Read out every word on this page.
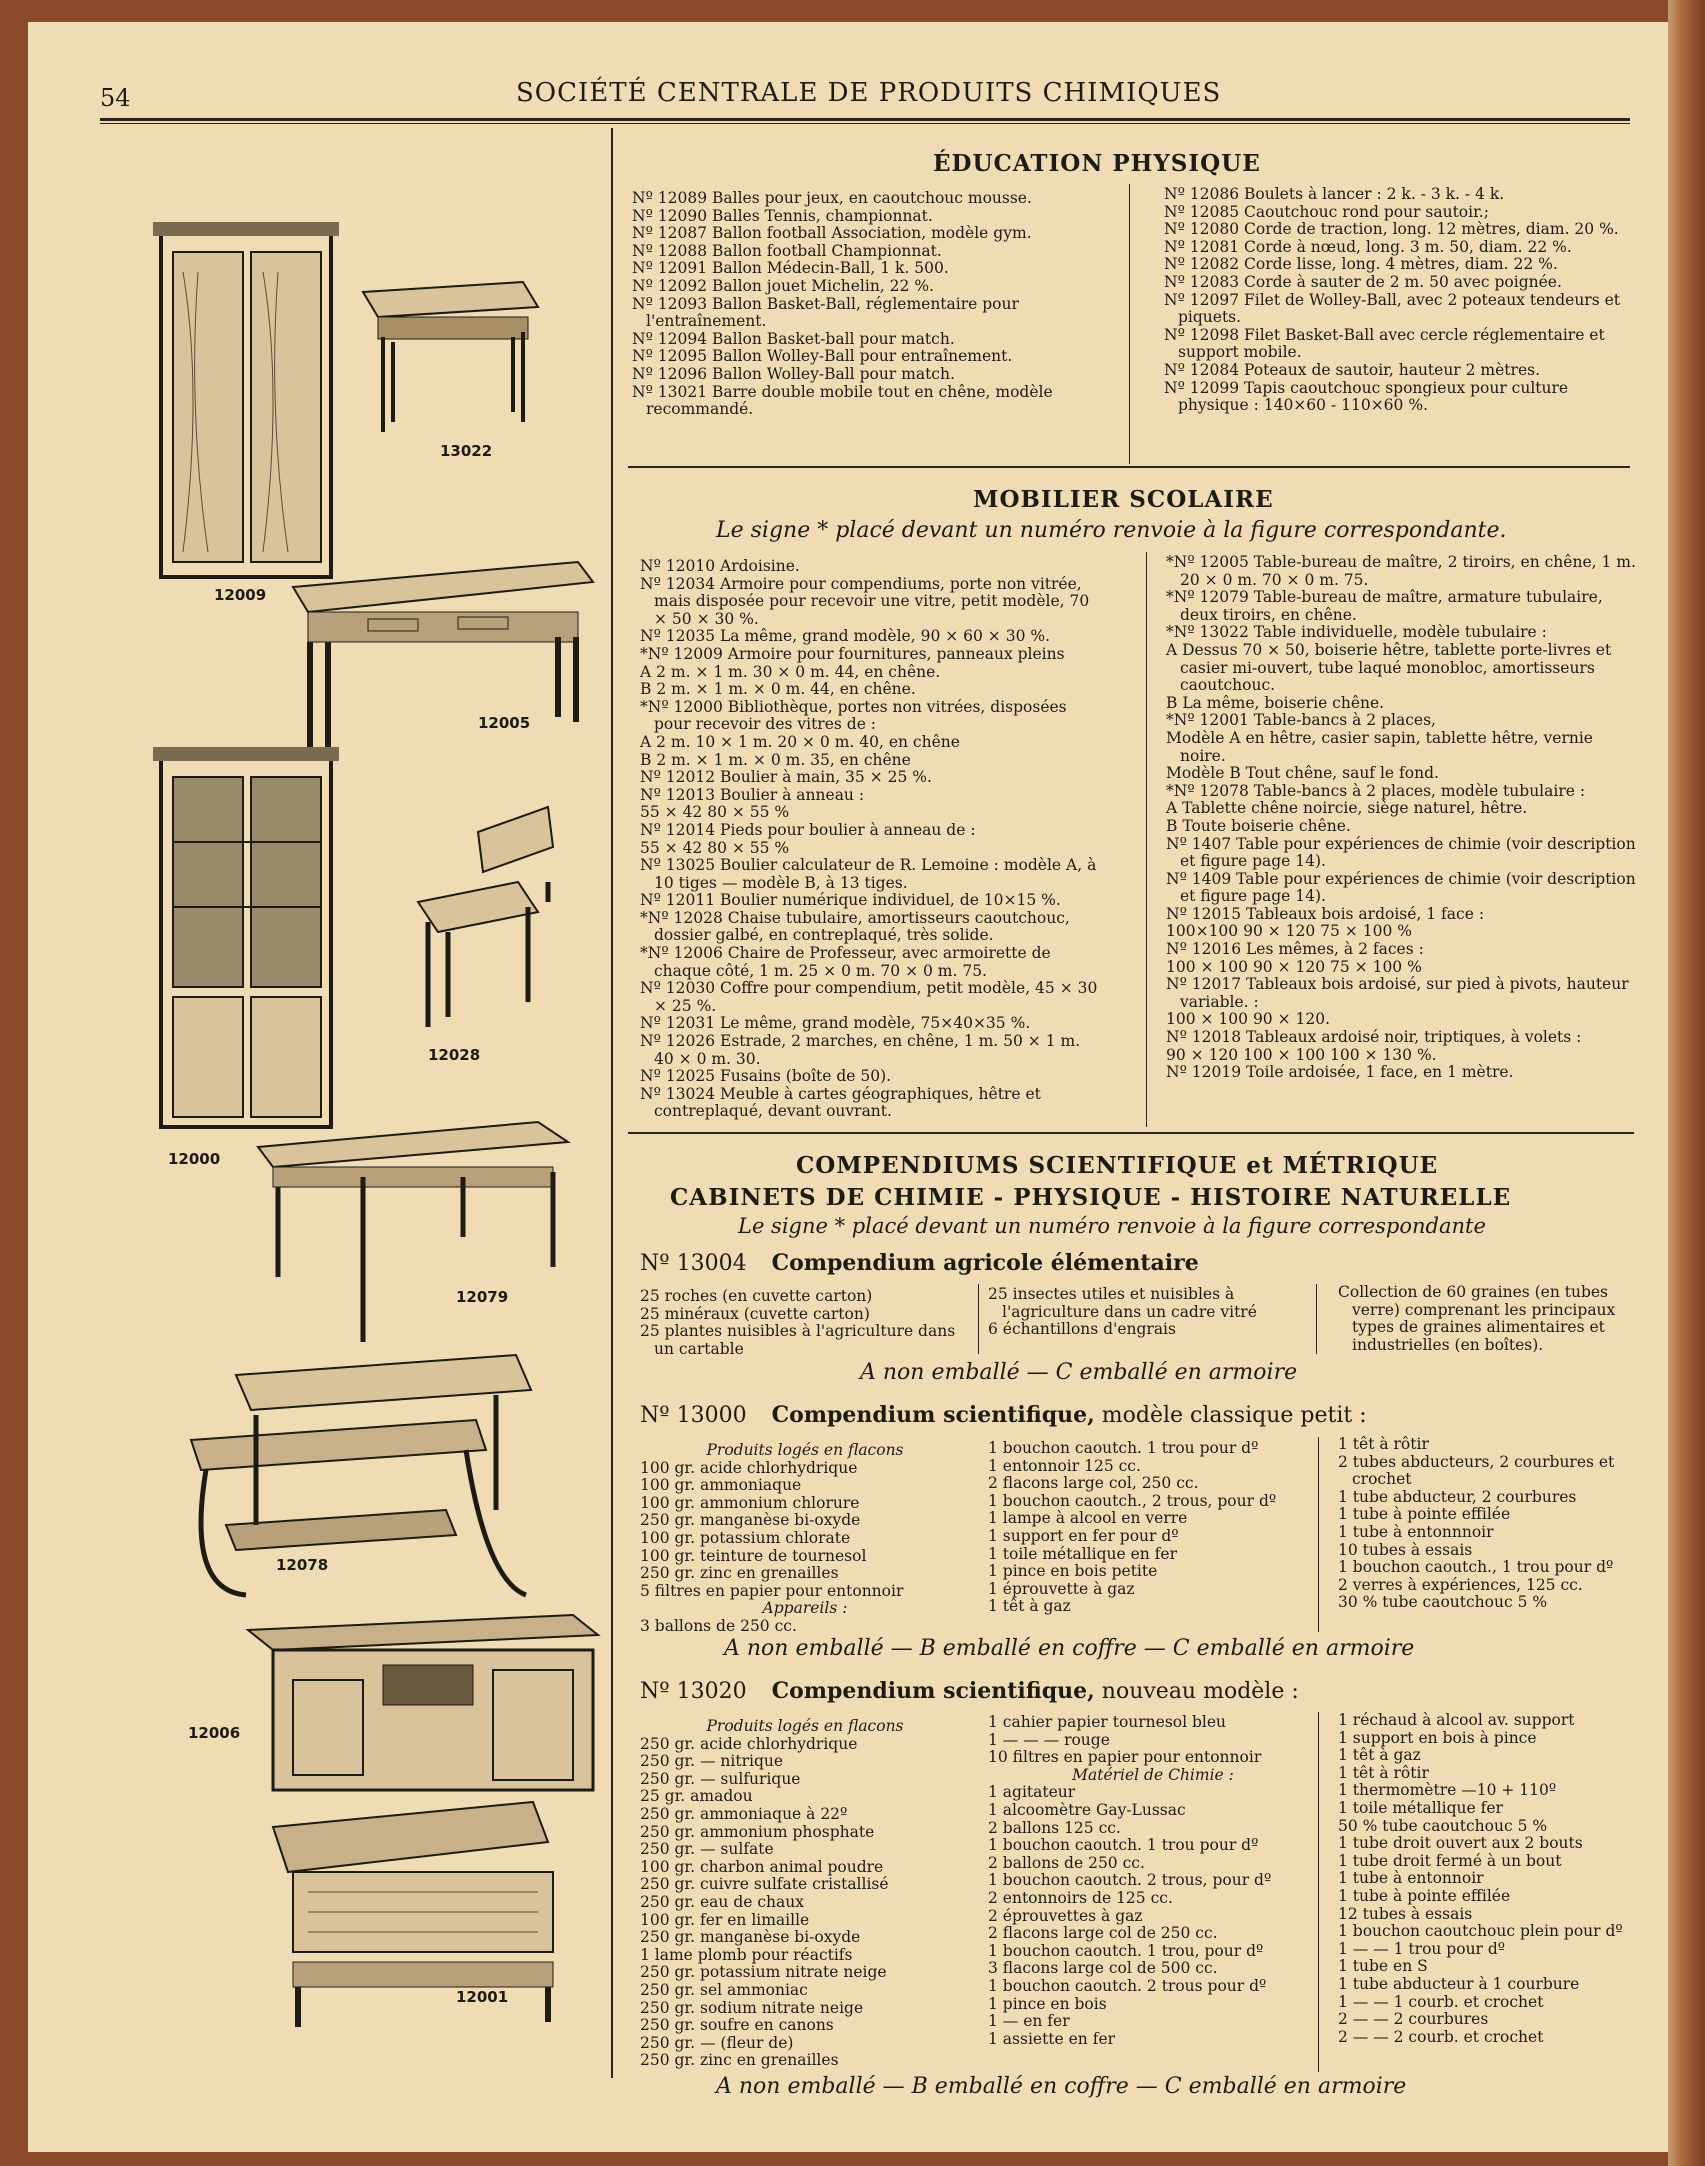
54	SOCIÉTÉ CENTRALE DE PRODUITS CHIMIQUES
12009
13022
12005
12000
12028
12079
12078
12006
12001
ÉDUCATION PHYSIQUE
Nº 12089 Balles pour jeux, en caoutchouc mousse.
Nº 12090 Balles Tennis, championnat.
Nº 12087 Ballon football Association, modèle gym.
Nº 12088 Ballon football Championnat.
Nº 12091 Ballon Médecin-Ball, 1 k. 500.
Nº 12092 Ballon jouet Michelin, 22 %.
Nº 12093 Ballon Basket-Ball, réglementaire pour l'entraînement.
Nº 12094 Ballon Basket-ball pour match.
Nº 12095 Ballon Wolley-Ball pour entraînement.
Nº 12096 Ballon Wolley-Ball pour match.
Nº 13021 Barre double mobile tout en chêne, modèle recommandé.
Nº 12086 Boulets à lancer : 2 k. - 3 k. - 4 k.
Nº 12085 Caoutchouc rond pour sautoir.;
Nº 12080 Corde de traction, long. 12 mètres, diam. 20 %.
Nº 12081 Corde à nœud, long. 3 m. 50, diam. 22 %.
Nº 12082 Corde lisse, long. 4 mètres, diam. 22 %.
Nº 12083 Corde à sauter de 2 m. 50 avec poignée.
Nº 12097 Filet de Wolley-Ball, avec 2 poteaux tendeurs et piquets.
Nº 12098 Filet Basket-Ball avec cercle réglementaire et support mobile.
Nº 12084 Poteaux de sautoir, hauteur 2 mètres.
Nº 12099 Tapis caoutchouc spongieux pour culture physique : 140×60 - 110×60 %.
MOBILIER SCOLAIRE
Le signe * placé devant un numéro renvoie à la figure correspondante.
Nº 12010 Ardoisine.
Nº 12034 Armoire pour compendiums, porte non vitrée, mais disposée pour recevoir une vitre, petit modèle, 70 × 50 × 30 %.
Nº 12035 La même, grand modèle, 90 × 60 × 30 %.
*Nº 12009 Armoire pour fournitures, panneaux pleins
A 2 m. × 1 m. 30 × 0 m. 44, en chêne.
B 2 m. × 1 m. × 0 m. 44, en chêne.
*Nº 12000 Bibliothèque, portes non vitrées, disposées pour recevoir des vitres de :
A 2 m. 10 × 1 m. 20 × 0 m. 40, en chêne
B 2 m. × 1 m. × 0 m. 35, en chêne
Nº 12012 Boulier à main, 35 × 25 %.
Nº 12013 Boulier à anneau :
55 × 42 80 × 55 %
Nº 12014 Pieds pour boulier à anneau de :
55 × 42 80 × 55 %
Nº 13025 Boulier calculateur de R. Lemoine : modèle A, à 10 tiges — modèle B, à 13 tiges.
Nº 12011 Boulier numérique individuel, de 10×15 %.
*Nº 12028 Chaise tubulaire, amortisseurs caoutchouc, dossier galbé, en contreplaqué, très solide.
*Nº 12006 Chaire de Professeur, avec armoirette de chaque côté, 1 m. 25 × 0 m. 70 × 0 m. 75.
Nº 12030 Coffre pour compendium, petit modèle, 45 × 30 × 25 %.
Nº 12031 Le même, grand modèle, 75×40×35 %.
Nº 12026 Estrade, 2 marches, en chêne, 1 m. 50 × 1 m. 40 × 0 m. 30.
Nº 12025 Fusains (boîte de 50).
Nº 13024 Meuble à cartes géographiques, hêtre et contreplaqué, devant ouvrant.
*Nº 12005 Table-bureau de maître, 2 tiroirs, en chêne, 1 m. 20 × 0 m. 70 × 0 m. 75.
*Nº 12079 Table-bureau de maître, armature tubulaire, deux tiroirs, en chêne.
*Nº 13022 Table individuelle, modèle tubulaire :
A Dessus 70 × 50, boiserie hêtre, tablette porte-livres et casier mi-ouvert, tube laqué monobloc, amortisseurs caoutchouc.
B La même, boiserie chêne.
*Nº 12001 Table-bancs à 2 places,
Modèle A en hêtre, casier sapin, tablette hêtre, vernie noire.
Modèle B Tout chêne, sauf le fond.
*Nº 12078 Table-bancs à 2 places, modèle tubulaire :
A Tablette chêne noircie, siège naturel, hêtre.
B Toute boiserie chêne.
Nº 1407 Table pour expériences de chimie (voir description et figure page 14).
Nº 1409 Table pour expériences de chimie (voir description et figure page 14).
Nº 12015 Tableaux bois ardoisé, 1 face :
100×100 90 × 120 75 × 100 %
Nº 12016 Les mêmes, à 2 faces :
100 × 100 90 × 120 75 × 100 %
Nº 12017 Tableaux bois ardoisé, sur pied à pivots, hauteur variable. :
100 × 100 90 × 120.
Nº 12018 Tableaux ardoisé noir, triptiques, à volets :
90 × 120 100 × 100 100 × 130 %.
Nº 12019 Toile ardoisée, 1 face, en 1 mètre.
COMPENDIUMS SCIENTIFIQUE et MÉTRIQUE
CABINETS DE CHIMIE - PHYSIQUE - HISTOIRE NATURELLE
Le signe * placé devant un numéro renvoie à la figure correspondante
Nº 13004 Compendium agricole élémentaire
25 roches (en cuvette carton)
25 minéraux (cuvette carton)
25 plantes nuisibles à l'agriculture dans un cartable
25 insectes utiles et nuisibles à l'agriculture dans un cadre vitré
6 échantillons d'engrais
Collection de 60 graines (en tubes verre) comprenant les principaux types de graines alimentaires et industrielles (en boîtes).
A non emballé — C emballé en armoire
Nº 13000 Compendium scientifique, modèle classique petit :
Produits logés en flacons
100 gr. acide chlorhydrique
100 gr. ammoniaque
100 gr. ammonium chlorure
250 gr. manganèse bi-oxyde
100 gr. potassium chlorate
100 gr. teinture de tournesol
250 gr. zinc en grenailles
5 filtres en papier pour entonnoir
Appareils :
3 ballons de 250 cc.
1 bouchon caoutch. 1 trou pour dº
1 entonnoir 125 cc.
2 flacons large col, 250 cc.
1 bouchon caoutch., 2 trous, pour dº
1 lampe à alcool en verre
1 support en fer pour dº
1 toile métallique en fer
1 pince en bois petite
1 éprouvette à gaz
1 têt à gaz
1 têt à rôtir
2 tubes abducteurs, 2 courbures et crochet
1 tube abducteur, 2 courbures
1 tube à pointe effilée
1 tube à entonnnoir
10 tubes à essais
1 bouchon caoutch., 1 trou pour dº
2 verres à expériences, 125 cc.
30 % tube caoutchouc 5 %
A non emballé — B emballé en coffre — C emballé en armoire
Nº 13020 Compendium scientifique, nouveau modèle :
Produits logés en flacons
250 gr. acide chlorhydrique
250 gr. — nitrique
250 gr. — sulfurique
25 gr. amadou
250 gr. ammoniaque à 22º
250 gr. ammonium phosphate
250 gr. — sulfate
100 gr. charbon animal poudre
250 gr. cuivre sulfate cristallisé
250 gr. eau de chaux
100 gr. fer en limaille
250 gr. manganèse bi-oxyde
1 lame plomb pour réactifs
250 gr. potassium nitrate neige
250 gr. sel ammoniac
250 gr. sodium nitrate neige
250 gr. soufre en canons
250 gr. — (fleur de)
250 gr. zinc en grenailles
1 cahier papier tournesol bleu
1 — — — rouge
10 filtres en papier pour entonnoir
Matériel de Chimie :
1 agitateur
1 alcoomètre Gay-Lussac
2 ballons 125 cc.
1 bouchon caoutch. 1 trou pour dº
2 ballons de 250 cc.
1 bouchon caoutch. 2 trous, pour dº
2 entonnoirs de 125 cc.
2 éprouvettes à gaz
2 flacons large col de 250 cc.
1 bouchon caoutch. 1 trou, pour dº
3 flacons large col de 500 cc.
1 bouchon caoutch. 2 trous pour dº
1 pince en bois
1 — en fer
1 assiette en fer
1 réchaud à alcool av. support
1 support en bois à pince
1 têt à gaz
1 têt à rôtir
1 thermomètre —10 + 110º
1 toile métallique fer
50 % tube caoutchouc 5 %
1 tube droit ouvert aux 2 bouts
1 tube droit fermé à un bout
1 tube à entonnoir
1 tube à pointe effilée
12 tubes à essais
1 bouchon caoutchouc plein pour dº
1 — — 1 trou pour dº
1 tube en S
1 tube abducteur à 1 courbure
1 — — 1 courb. et crochet
2 — — 2 courbures
2 — — 2 courb. et crochet
A non emballé — B emballé en coffre — C emballé en armoire
